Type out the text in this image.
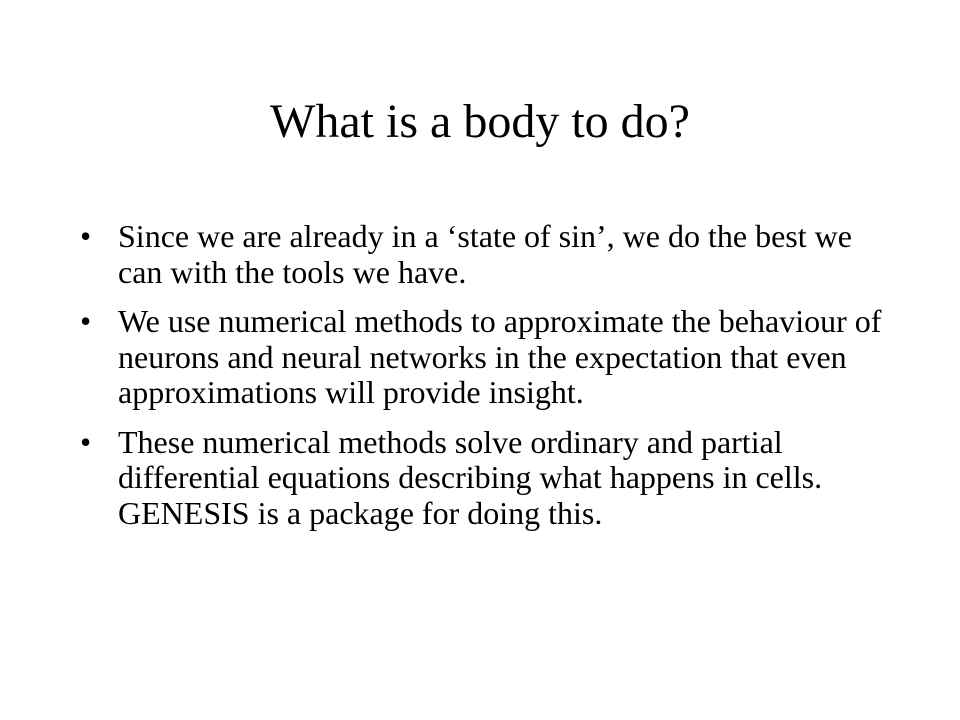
What is a body to do?
• Since we are already in a ‘state of sin’, we do the best we can with the tools we have.
• We use numerical methods to approximate the behaviour of neurons and neural networks in the expectation that even approximations will provide insight.
• These numerical methods solve ordinary and partial differential equations describing what happens in cells. GENESIS is a package for doing this.
